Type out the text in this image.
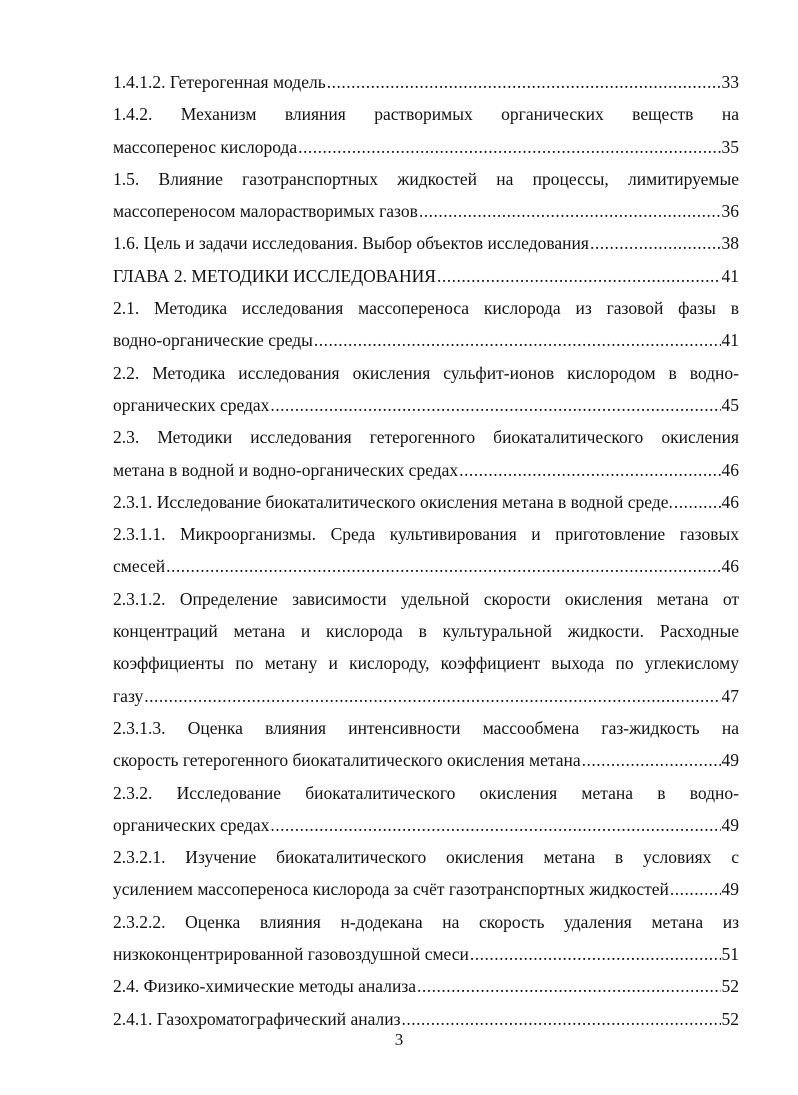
1.4.1.2. Гетерогенная модель .....	33
1.4.2. Механизм влияния растворимых органических веществ на
массоперенос кислорода .....	35
1.5. Влияние газотранспортных жидкостей на процессы, лимитируемые
массопереносом малорастворимых газов .....	36
1.6. Цель и задачи исследования. Выбор объектов исследования .....	38
ГЛАВА 2. МЕТОДИКИ ИССЛЕДОВАНИЯ .....	41
2.1. Методика исследования массопереноса кислорода из газовой фазы в
водно-органические среды .....	41
2.2. Методика исследования окисления сульфит-ионов кислородом в водно-
органических средах .....	45
2.3. Методики исследования гетерогенного биокаталитического окисления
метана в водной и водно-органических средах .....	46
2.3.1. Исследование биокаталитического окисления метана в водной среде. .....	46
2.3.1.1. Микроорганизмы. Среда культивирования и приготовление газовых
смесей .....	46
2.3.1.2. Определение зависимости удельной скорости окисления метана от
концентраций метана и кислорода в культуральной жидкости. Расходные
коэффициенты по метану и кислороду, коэффициент выхода по углекислому
газу .....	47
2.3.1.3. Оценка влияния интенсивности массообмена газ-жидкость на
скорость гетерогенного биокаталитического окисления метана .....	49
2.3.2. Исследование биокаталитического окисления метана в водно-
органических средах .....	49
2.3.2.1. Изучение биокаталитического окисления метана в условиях с
усилением массопереноса кислорода за счёт газотранспортных жидкостей .....	49
2.3.2.2. Оценка влияния н-додекана на скорость удаления метана из
низкоконцентрированной газовоздушной смеси .....	51
2.4. Физико-химические методы анализа .....	52
2.4.1. Газохроматографический анализ .....	52
3
